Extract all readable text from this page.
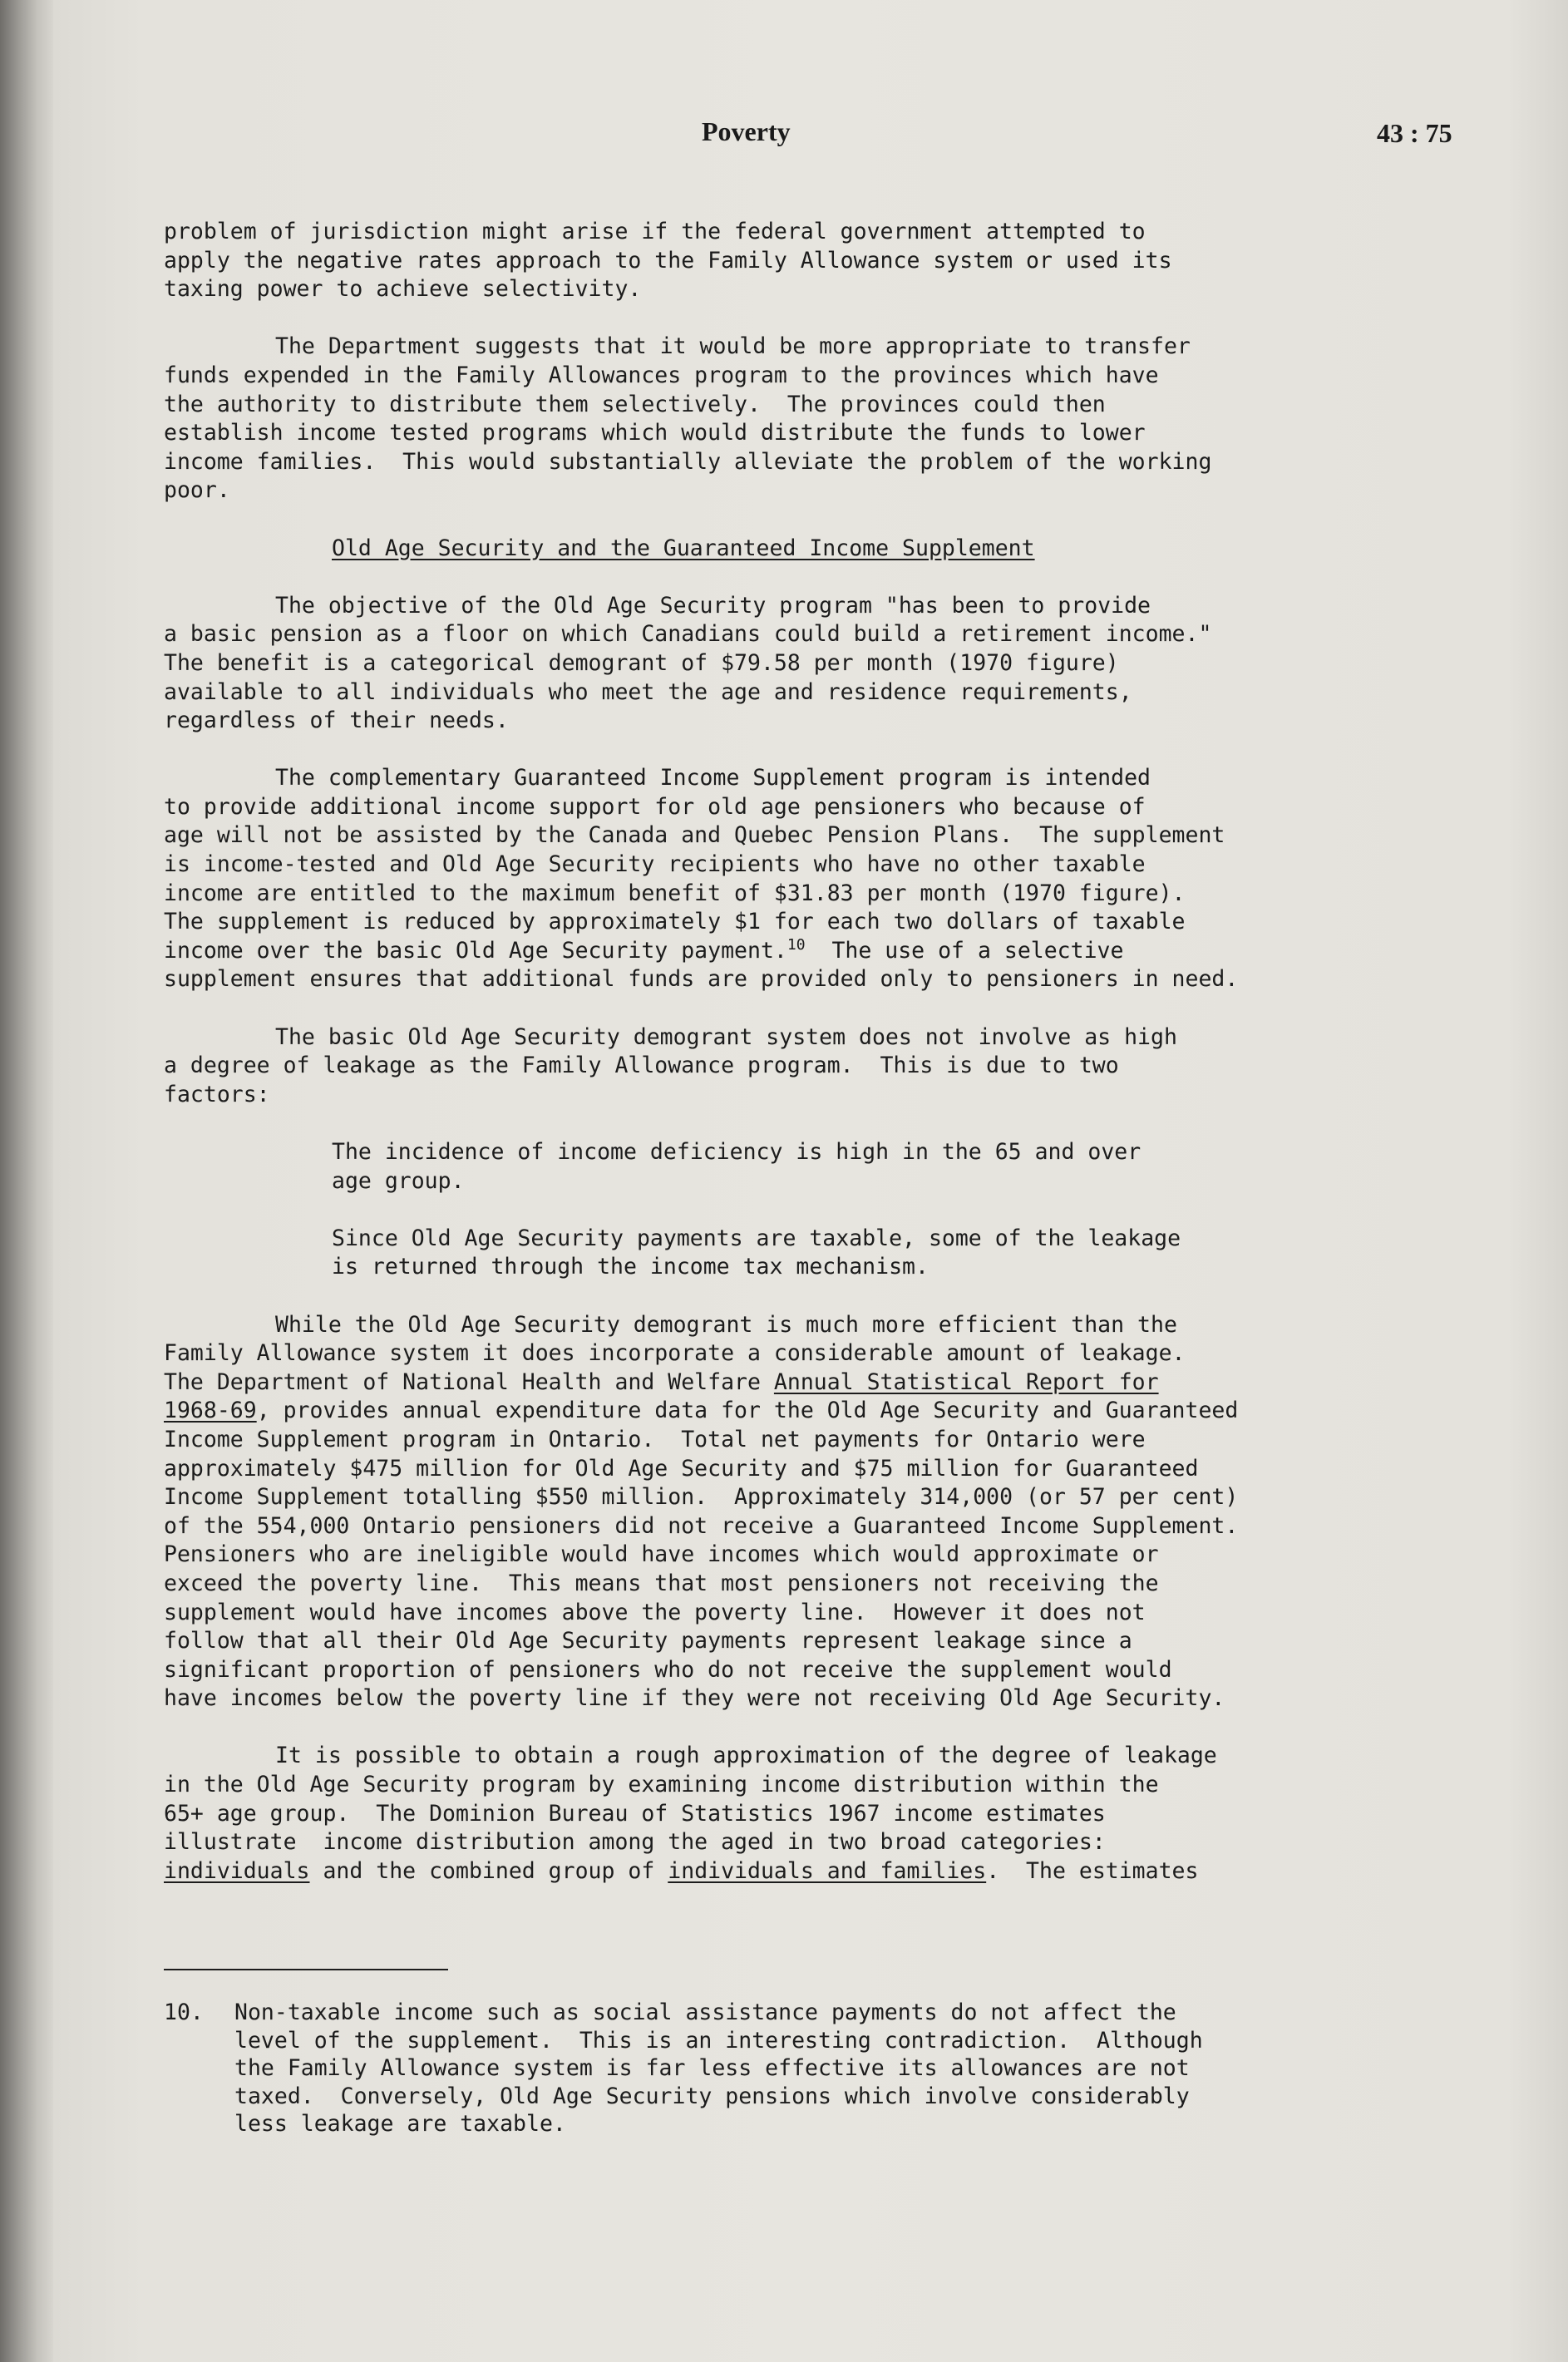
Poverty	43 : 75

problem of jurisdiction might arise if the federal government attempted to

apply the negative rates approach to the Family Allowance system or used its

taxing power to achieve selectivity.

The Department suggests that it would be more appropriate to transfer

funds expended in the Family Allowances program to the provinces which have

the authority to distribute them selectively.  The provinces could then

establish income tested programs which would distribute the funds to lower

income families.  This would substantially alleviate the problem of the working

poor.

Old Age Security and the Guaranteed Income Supplement

The objective of the Old Age Security program "has been to provide

a basic pension as a floor on which Canadians could build a retirement income."

The benefit is a categorical demogrant of $79.58 per month (1970 figure)

available to all individuals who meet the age and residence requirements,

regardless of their needs.

The complementary Guaranteed Income Supplement program is intended

to provide additional income support for old age pensioners who because of

age will not be assisted by the Canada and Quebec Pension Plans.  The supplement

is income-tested and Old Age Security recipients who have no other taxable

income are entitled to the maximum benefit of $31.83 per month (1970 figure).

The supplement is reduced by approximately $1 for each two dollars of taxable

income over the basic Old Age Security payment.$^{10}$  The use of a selective

supplement ensures that additional funds are provided only to pensioners in need.

The basic Old Age Security demogrant system does not involve as high

a degree of leakage as the Family Allowance program.  This is due to two

factors:

The incidence of income deficiency is high in the 65 and over

age group.

Since Old Age Security payments are taxable, some of the leakage

is returned through the income tax mechanism.

While the Old Age Security demogrant is much more efficient than the

Family Allowance system it does incorporate a considerable amount of leakage.

The Department of National Health and Welfare Annual Statistical Report for

1968-69, provides annual expenditure data for the Old Age Security and Guaranteed

Income Supplement program in Ontario.  Total net payments for Ontario were

approximately $475 million for Old Age Security and $75 million for Guaranteed

Income Supplement totalling $550 million.  Approximately 314,000 (or 57 per cent)

of the 554,000 Ontario pensioners did not receive a Guaranteed Income Supplement.

Pensioners who are ineligible would have incomes which would approximate or

exceed the poverty line.  This means that most pensioners not receiving the

supplement would have incomes above the poverty line.  However it does not

follow that all their Old Age Security payments represent leakage since a

significant proportion of pensioners who do not receive the supplement would

have incomes below the poverty line if they were not receiving Old Age Security.

It is possible to obtain a rough approximation of the degree of leakage

in the Old Age Security program by examining income distribution within the

65+ age group.  The Dominion Bureau of Statistics 1967 income estimates

illustrate  income distribution among the aged in two broad categories:

individuals and the combined group of individuals and families.  The estimates

10. Non-taxable income such as social assistance payments do not affect the

level of the supplement.  This is an interesting contradiction.  Although

the Family Allowance system is far less effective its allowances are not

taxed.  Conversely, Old Age Security pensions which involve considerably

less leakage are taxable.
